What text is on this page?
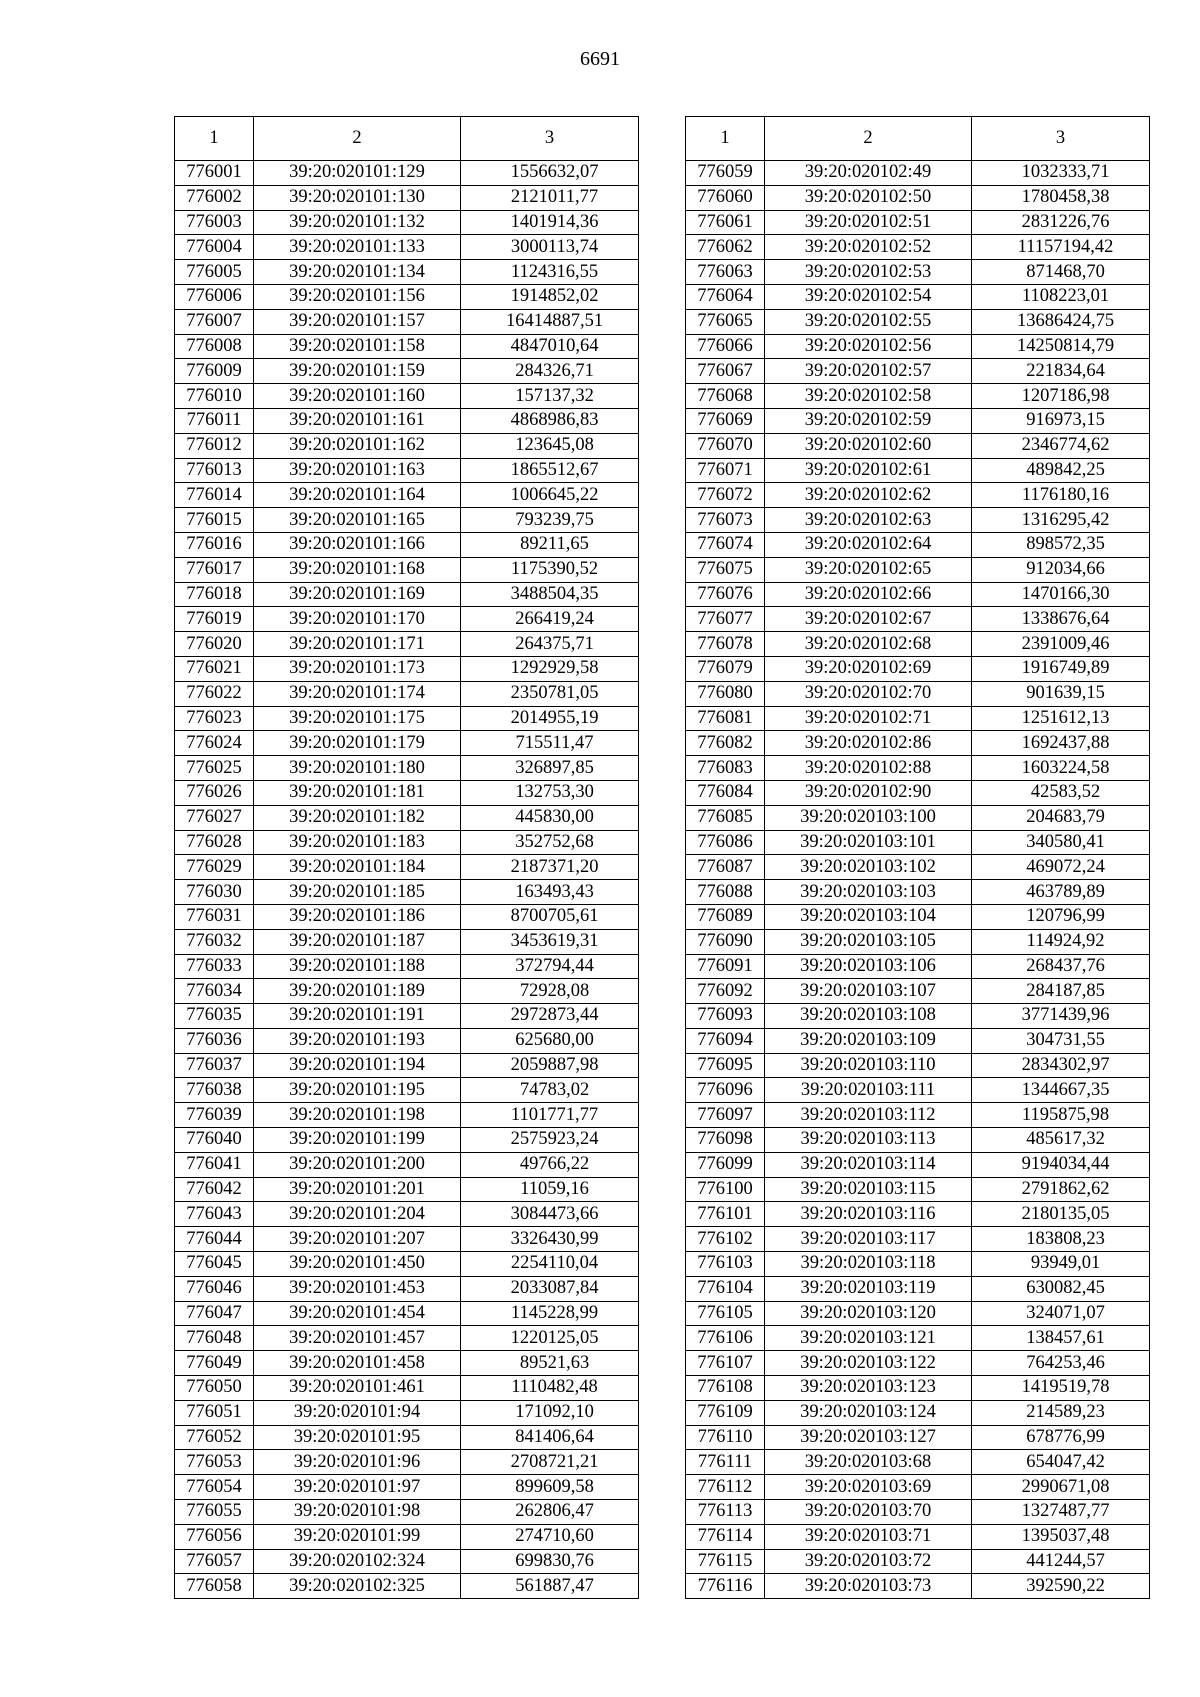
6691
1	2	3
776001	39:20:020101:129	1556632,07
776002	39:20:020101:130	2121011,77
776003	39:20:020101:132	1401914,36
776004	39:20:020101:133	3000113,74
776005	39:20:020101:134	1124316,55
776006	39:20:020101:156	1914852,02
776007	39:20:020101:157	16414887,51
776008	39:20:020101:158	4847010,64
776009	39:20:020101:159	284326,71
776010	39:20:020101:160	157137,32
776011	39:20:020101:161	4868986,83
776012	39:20:020101:162	123645,08
776013	39:20:020101:163	1865512,67
776014	39:20:020101:164	1006645,22
776015	39:20:020101:165	793239,75
776016	39:20:020101:166	89211,65
776017	39:20:020101:168	1175390,52
776018	39:20:020101:169	3488504,35
776019	39:20:020101:170	266419,24
776020	39:20:020101:171	264375,71
776021	39:20:020101:173	1292929,58
776022	39:20:020101:174	2350781,05
776023	39:20:020101:175	2014955,19
776024	39:20:020101:179	715511,47
776025	39:20:020101:180	326897,85
776026	39:20:020101:181	132753,30
776027	39:20:020101:182	445830,00
776028	39:20:020101:183	352752,68
776029	39:20:020101:184	2187371,20
776030	39:20:020101:185	163493,43
776031	39:20:020101:186	8700705,61
776032	39:20:020101:187	3453619,31
776033	39:20:020101:188	372794,44
776034	39:20:020101:189	72928,08
776035	39:20:020101:191	2972873,44
776036	39:20:020101:193	625680,00
776037	39:20:020101:194	2059887,98
776038	39:20:020101:195	74783,02
776039	39:20:020101:198	1101771,77
776040	39:20:020101:199	2575923,24
776041	39:20:020101:200	49766,22
776042	39:20:020101:201	11059,16
776043	39:20:020101:204	3084473,66
776044	39:20:020101:207	3326430,99
776045	39:20:020101:450	2254110,04
776046	39:20:020101:453	2033087,84
776047	39:20:020101:454	1145228,99
776048	39:20:020101:457	1220125,05
776049	39:20:020101:458	89521,63
776050	39:20:020101:461	1110482,48
776051	39:20:020101:94	171092,10
776052	39:20:020101:95	841406,64
776053	39:20:020101:96	2708721,21
776054	39:20:020101:97	899609,58
776055	39:20:020101:98	262806,47
776056	39:20:020101:99	274710,60
776057	39:20:020102:324	699830,76
776058	39:20:020102:325	561887,47
1	2	3
776059	39:20:020102:49	1032333,71
776060	39:20:020102:50	1780458,38
776061	39:20:020102:51	2831226,76
776062	39:20:020102:52	11157194,42
776063	39:20:020102:53	871468,70
776064	39:20:020102:54	1108223,01
776065	39:20:020102:55	13686424,75
776066	39:20:020102:56	14250814,79
776067	39:20:020102:57	221834,64
776068	39:20:020102:58	1207186,98
776069	39:20:020102:59	916973,15
776070	39:20:020102:60	2346774,62
776071	39:20:020102:61	489842,25
776072	39:20:020102:62	1176180,16
776073	39:20:020102:63	1316295,42
776074	39:20:020102:64	898572,35
776075	39:20:020102:65	912034,66
776076	39:20:020102:66	1470166,30
776077	39:20:020102:67	1338676,64
776078	39:20:020102:68	2391009,46
776079	39:20:020102:69	1916749,89
776080	39:20:020102:70	901639,15
776081	39:20:020102:71	1251612,13
776082	39:20:020102:86	1692437,88
776083	39:20:020102:88	1603224,58
776084	39:20:020102:90	42583,52
776085	39:20:020103:100	204683,79
776086	39:20:020103:101	340580,41
776087	39:20:020103:102	469072,24
776088	39:20:020103:103	463789,89
776089	39:20:020103:104	120796,99
776090	39:20:020103:105	114924,92
776091	39:20:020103:106	268437,76
776092	39:20:020103:107	284187,85
776093	39:20:020103:108	3771439,96
776094	39:20:020103:109	304731,55
776095	39:20:020103:110	2834302,97
776096	39:20:020103:111	1344667,35
776097	39:20:020103:112	1195875,98
776098	39:20:020103:113	485617,32
776099	39:20:020103:114	9194034,44
776100	39:20:020103:115	2791862,62
776101	39:20:020103:116	2180135,05
776102	39:20:020103:117	183808,23
776103	39:20:020103:118	93949,01
776104	39:20:020103:119	630082,45
776105	39:20:020103:120	324071,07
776106	39:20:020103:121	138457,61
776107	39:20:020103:122	764253,46
776108	39:20:020103:123	1419519,78
776109	39:20:020103:124	214589,23
776110	39:20:020103:127	678776,99
776111	39:20:020103:68	654047,42
776112	39:20:020103:69	2990671,08
776113	39:20:020103:70	1327487,77
776114	39:20:020103:71	1395037,48
776115	39:20:020103:72	441244,57
776116	39:20:020103:73	392590,22
